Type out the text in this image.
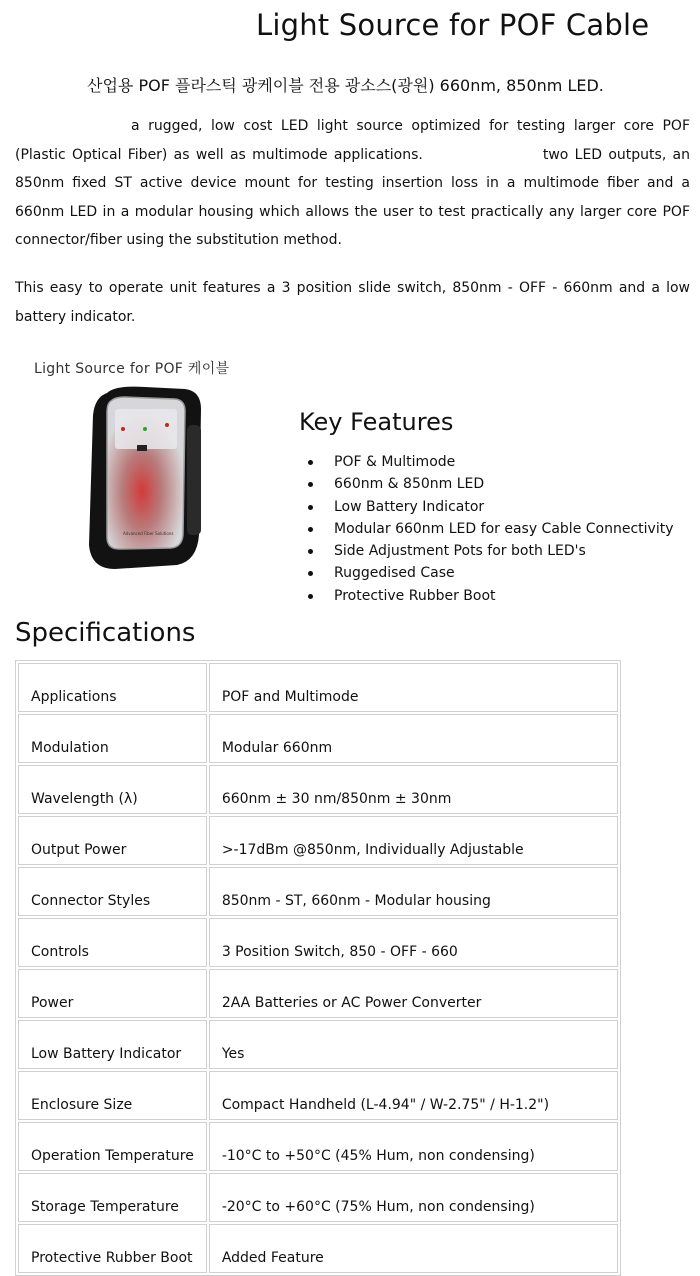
Light Source for POF Cable
산업용 POF 플라스틱 광케이블 전용 광소스(광원) 660nm, 850nm LED.

a rugged, low cost LED light source optimized for testing larger core POF (Plastic Optical Fiber) as well as multimode applications.	two LED outputs, an 850nm fixed ST active device mount for testing insertion loss in a multimode fiber and a 660nm LED in a modular housing which allows the user to test practically any larger core POF connector/fiber using the substitution method.

This easy to operate unit features a 3 position slide switch, 850nm - OFF - 660nm and a low battery indicator.

Light Source for POF 케이블
Advanced Fiber Solutions
Key Features
POF & Multimode
660nm & 850nm LED
Low Battery Indicator
Modular 660nm LED for easy Cable Connectivity
Side Adjustment Pots for both LED's
Ruggedised Case
Protective Rubber Boot
Specifications
Applications	POF and Multimode
Modulation	Modular 660nm
Wavelength (λ)	660nm ± 30 nm/850nm ± 30nm
Output Power	>-17dBm @850nm, Individually Adjustable
Connector Styles	850nm - ST, 660nm - Modular housing
Controls	3 Position Switch, 850 - OFF - 660
Power	2AA Batteries or AC Power Converter
Low Battery Indicator	Yes
Enclosure Size	Compact Handheld (L-4.94" / W-2.75" / H-1.2")
Operation Temperature	-10°C to +50°C (45% Hum, non condensing)
Storage Temperature	-20°C to +60°C (75% Hum, non condensing)
Protective Rubber Boot	Added Feature
